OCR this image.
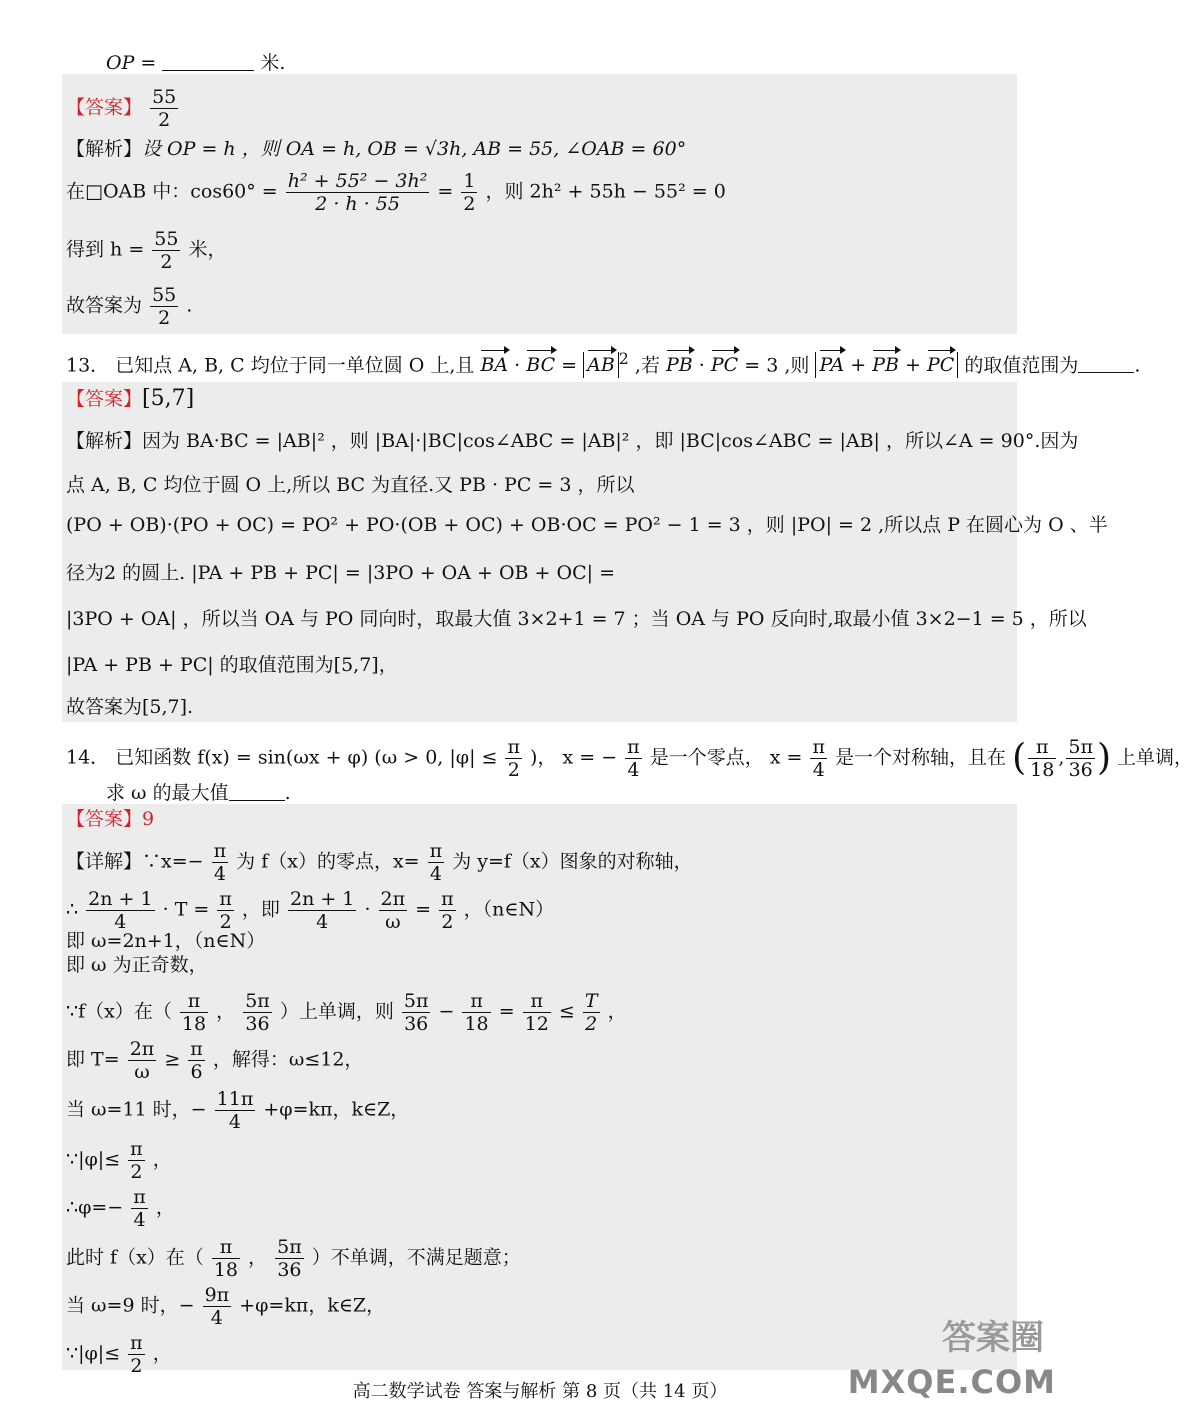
OP =	米.
【答案】 $\frac{55}{2}$
【解析】设 OP = h ，则 OA = h, OB = √3h, AB = 55, ∠OAB = 60°
在□OAB 中：$\cos 60^\circ = \frac{\text{h² + 55² − 3h²}}{2 \cdot h \cdot 55} = \frac{1}{2}$ ，则 2h² + 55h − 55² = 0
得到 $h = \frac{55}{2}$ 米，
故答案为 $\frac{55}{2}$ .
13． 已知点 A, B, C 均位于同一单位圆 O 上,且 BA · BC = AB $^2$ ,若 PB · PC = 3 ,则 PA + PB + PC 的取值范围为	.
【答案】[5,7]
【解析】因为 BA·BC = |AB|² ，则 |BA|·|BC|cos∠ABC = |AB|² ，即 |BC|cos∠ABC = |AB| ，所以∠A = 90°.因为
点 A, B, C 均位于圆 O 上,所以 BC 为直径.又 PB · PC = 3 ，所以
(PO + OB)·(PO + OC) = PO² + PO·(OB + OC) + OB·OC = PO² − 1 = 3 ，则 |PO| = 2 ,所以点 P 在圆心为 O 、半
径为2 的圆上. |PA + PB + PC| = |3PO + OA + OB + OC| =
|3PO + OA| ，所以当 OA 与 PO 同向时，取最大值 3×2+1 = 7 ；当 OA 与 PO 反向时,取最小值 3×2−1 = 5 ，所以
|PA + PB + PC| 的取值范围为[5,7]，
故答案为[5,7].
14． 已知函数 f(x) = sin(ωx + φ) (ω > 0, $|\varphi| \le \frac{\pi}{2}$ )， x = − $\frac{\pi}{4}$ 是一个零点， $x = \frac{\pi}{4}$ 是一个对称轴，且在 ( $\frac{\pi}{18}$ , $\frac{5\pi}{36}$ ) 上单调，
求 ω 的最大值	.
【答案】9
【详解】∵x=− $\frac{\pi}{4}$ 为 f（x）的零点，$x= \frac{\pi}{4}$ 为 y=f（x）图象的对称轴，
∴ $\frac{2n + 1}{4} \cdot T = \frac{\pi}{2}$ ，即 $\frac{2n + 1}{4} \cdot \frac{2\pi}{\omega} = \frac{\pi}{2}$ ，（n∈N）
即 ω=2n+1，（n∈N）
即 ω 为正奇数，
∵f（x）在（ $\frac{\pi}{18}$ ， $\frac{5\pi}{36}$ ）上单调，则 $\frac{5\pi}{36} - \frac{\pi}{18} = \frac{\pi}{12} \le \frac{T}{2}$ ，
即 $T= \frac{2\pi}{\omega} \ge \frac{\pi}{6}$ ，解得：ω≤12，
当 ω=11 时，− $\frac{11\pi}{4} +\varphi=k\pi$，k∈Z，
∵|φ|≤ $\frac{\pi}{2}$ ，
∴φ=− $\frac{\pi}{4}$ ，
此时 f（x）在（ $\frac{\pi}{18}$ ， $\frac{5\pi}{36}$ ）不单调，不满足题意；
当 ω=9 时，− $\frac{9\pi}{4} +\varphi=k\pi$，k∈Z，
∵|φ|≤ $\frac{\pi}{2}$ ，
高二数学试卷 答案与解析 第 8 页（共 14 页）
答案圈
MXQE.COM
